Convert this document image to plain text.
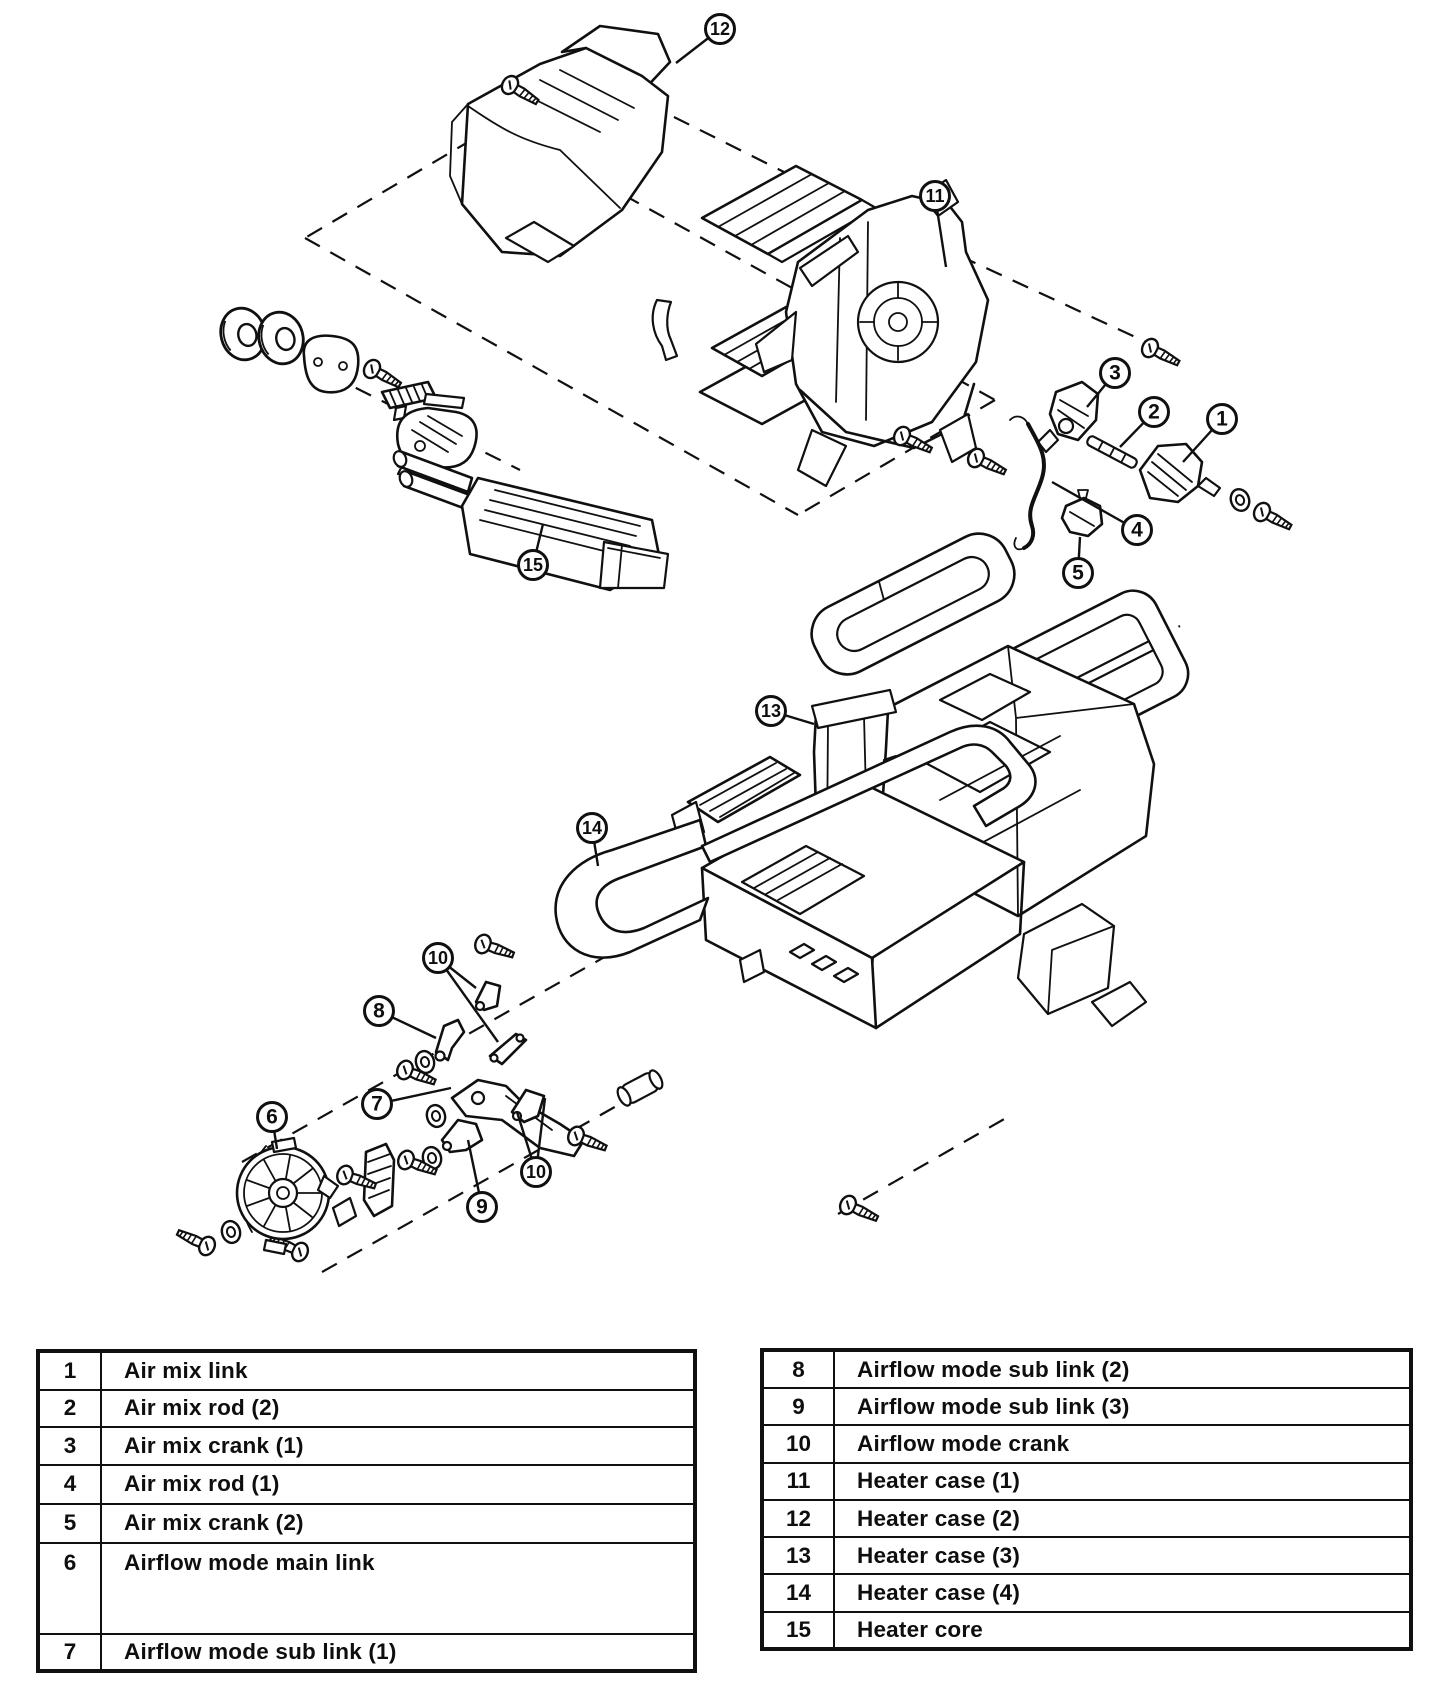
12
11
3
2	1
4
5
15
13
14
10
8
7
6
10
9
1	Air mix link
2	Air mix rod (2)
3	Air mix crank (1)
4	Air mix rod (1)
5	Air mix crank (2)
6	Airflow mode main link
7	Airflow mode sub link (1)
8	Airflow mode sub link (2)
9	Airflow mode sub link (3)
10	Airflow mode crank
11	Heater case (1)
12	Heater case (2)
13	Heater case (3)
14	Heater case (4)
15	Heater core
